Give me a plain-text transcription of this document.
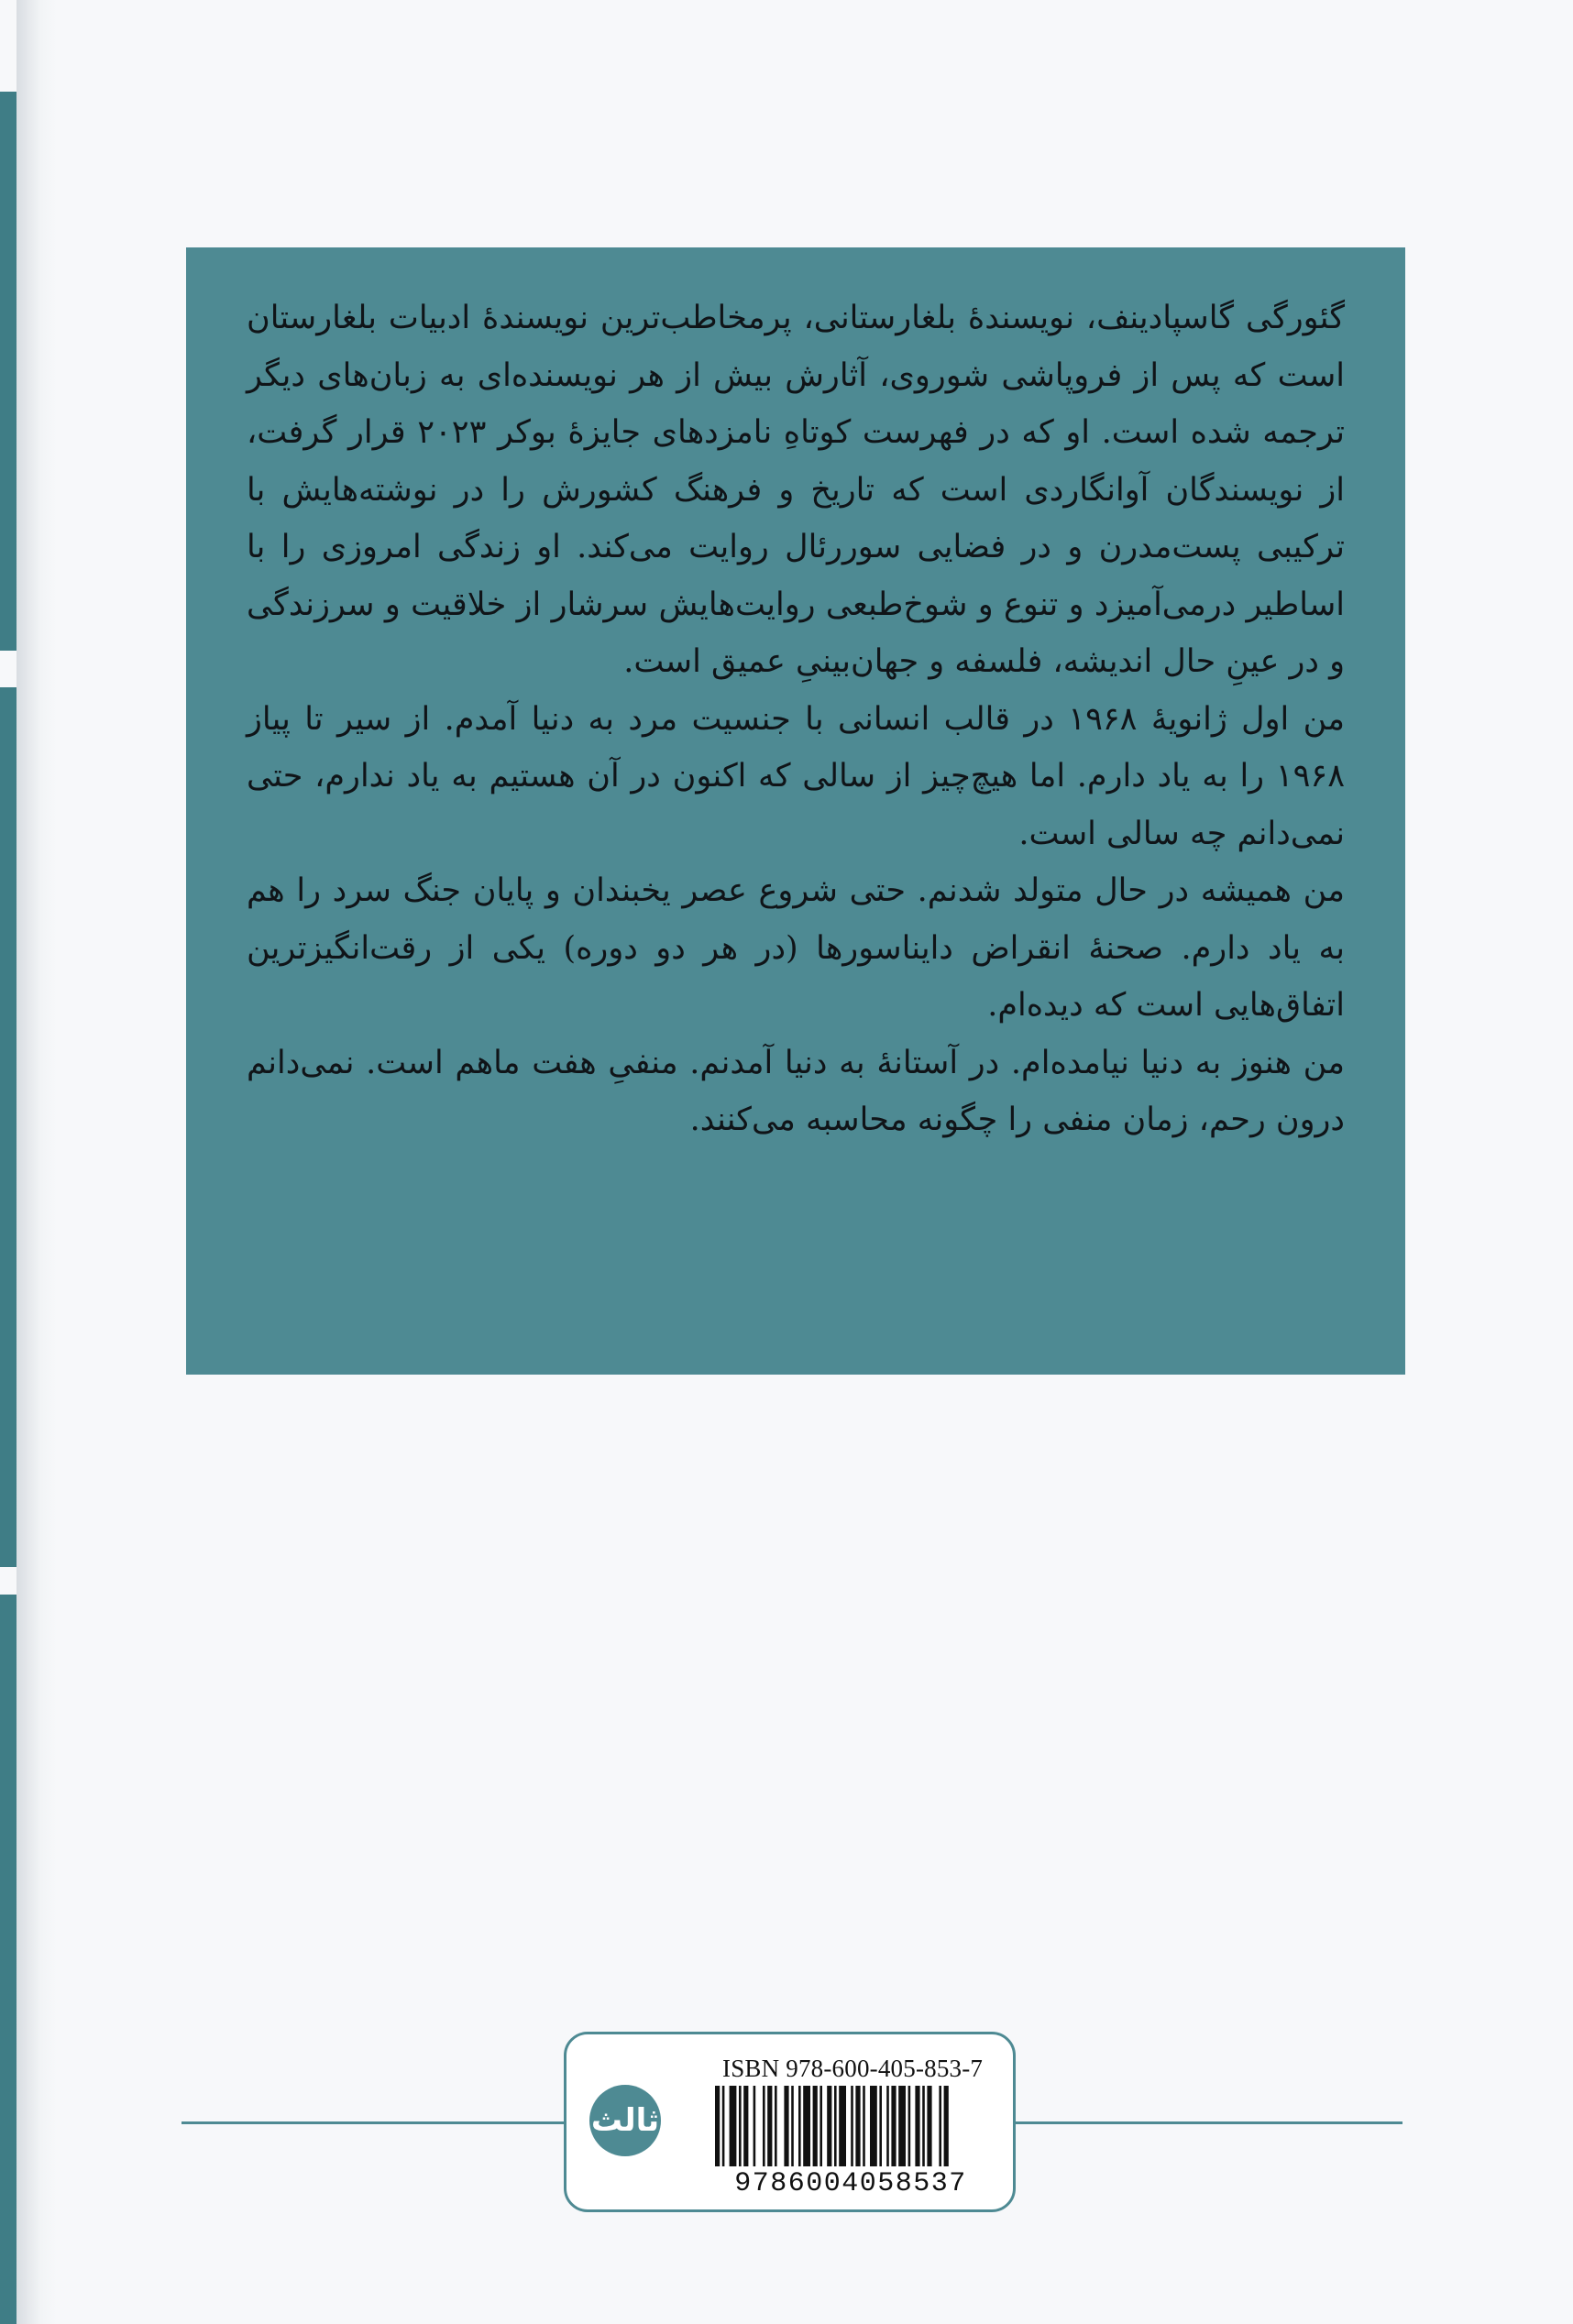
گئورگی گاسپادینف، نویسندهٔ بلغارستانی، پرمخاطب‌ترین نویسندهٔ ادبیات بلغارستان است که پس از فروپاشی شوروی، آثارش بیش از هر نویسنده‌ای به زبان‌های دیگر ترجمه شده است. او که در فهرست کوتاهِ نامزدهای جایزهٔ بوکر ۲۰۲۳ قرار گرفت، از نویسندگان آوانگاردی است که تاریخ و فرهنگ کشورش را در نوشته‌هایش با ترکیبی پست‌مدرن و در فضایی سوررئال روایت می‌کند. او زندگی امروزی را با اساطیر درمی‌آمیزد و تنوع و شوخ‌طبعی روایت‌هایش سرشار از خلاقیت و سرزندگی و در عینِ حال اندیشه، فلسفه و جهان‌بینیِ عمیق است.

من اول ژانویهٔ ۱۹۶۸ در قالب انسانی با جنسیت مرد به دنیا آمدم. از سیر تا پیاز ۱۹۶۸ را به یاد دارم. اما هیچ‌چیز از سالی که اکنون در آن هستیم به یاد ندارم، حتی نمی‌دانم چه سالی است.

من همیشه در حال متولد شدنم. حتی شروع عصر یخبندان و پایان جنگ سرد را هم به یاد دارم. صحنهٔ انقراض دایناسورها (در هر دو دوره) یکی از رقت‌انگیزترین اتفاق‌هایی است که دیده‌ام.

من هنوز به دنیا نیامده‌ام. در آستانهٔ به دنیا آمدنم. منفیِ هفت ماهم است. نمی‌دانم درون رحم، زمان منفی را چگونه محاسبه می‌کنند.

ثالث
ISBN 978-600-405-853-7
9786004058537
